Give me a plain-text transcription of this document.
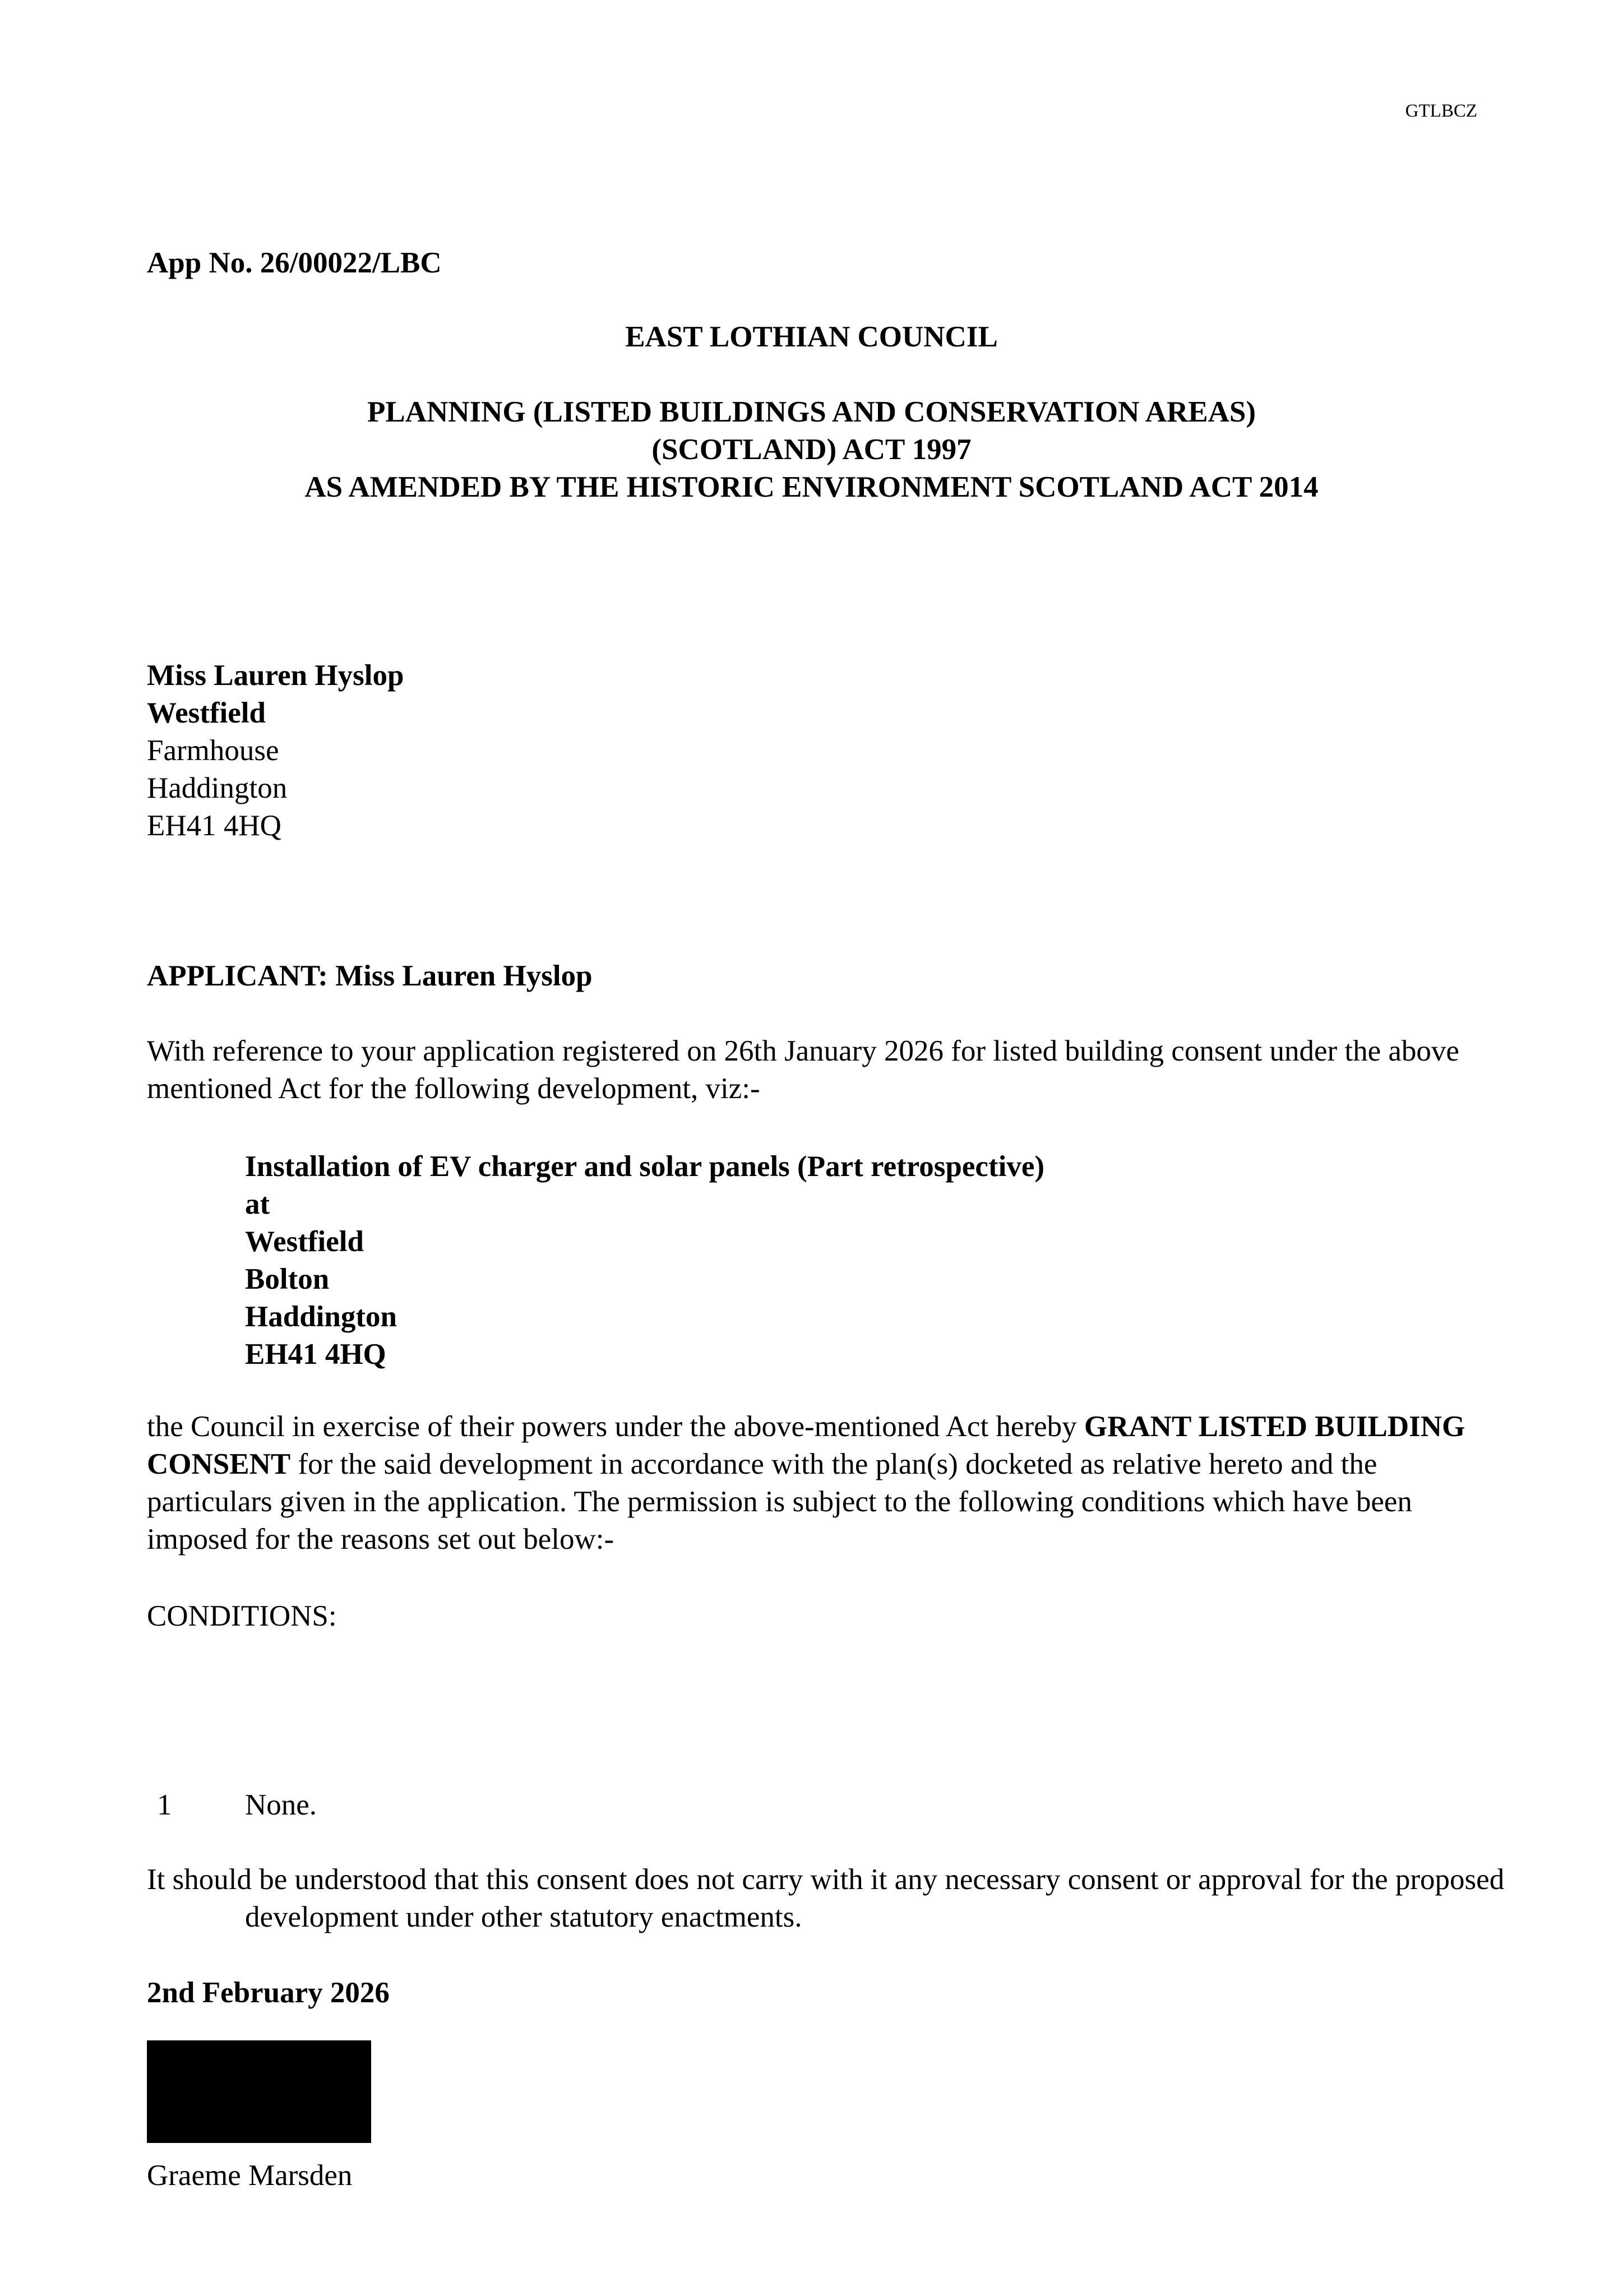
GTLBCZ
App No. 26/00022/LBC
EAST LOTHIAN COUNCIL
PLANNING (LISTED BUILDINGS AND CONSERVATION AREAS)
(SCOTLAND) ACT 1997
AS AMENDED BY THE HISTORIC ENVIRONMENT SCOTLAND ACT 2014
Miss Lauren Hyslop
Westfield
Farmhouse
Haddington
EH41 4HQ
APPLICANT: Miss Lauren Hyslop
With reference to your application registered on 26th January 2026 for listed building consent under the above mentioned Act for the following development, viz:-
Installation of EV charger and solar panels (Part retrospective)
at
Westfield
Bolton
Haddington
EH41 4HQ
the Council in exercise of their powers under the above-mentioned Act hereby GRANT LISTED BUILDING CONSENT for the said development in accordance with the plan(s) docketed as relative hereto and the particulars given in the application. The permission is subject to the following conditions which have been imposed for the reasons set out below:-
CONDITIONS:
1 None.
It should be understood that this consent does not carry with it any necessary consent or approval for the proposed development under other statutory enactments.
2nd February 2026
Graeme Marsden
